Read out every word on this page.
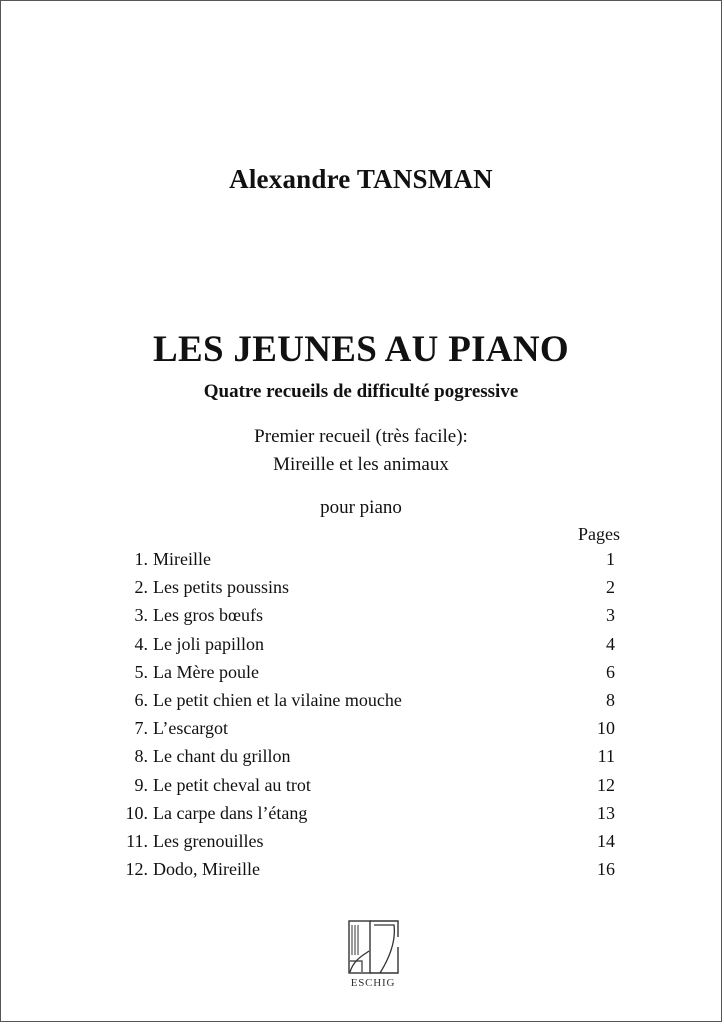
Alexandre TANSMAN
LES JEUNES AU PIANO
Quatre recueils de difficulté pogressive
Premier recueil (très facile):
Mireille et les animaux
pour piano
Pages
1. Mireille	1
2. Les petits poussins	2
3. Les gros bœufs	3
4. Le joli papillon	4
5. La Mère poule	6
6. Le petit chien et la vilaine mouche	8
7. L’escargot	10
8. Le chant du grillon	11
9. Le petit cheval au trot	12
10. La carpe dans l’étang	13
11. Les grenouilles	14
12. Dodo, Mireille	16
ESCHIG
